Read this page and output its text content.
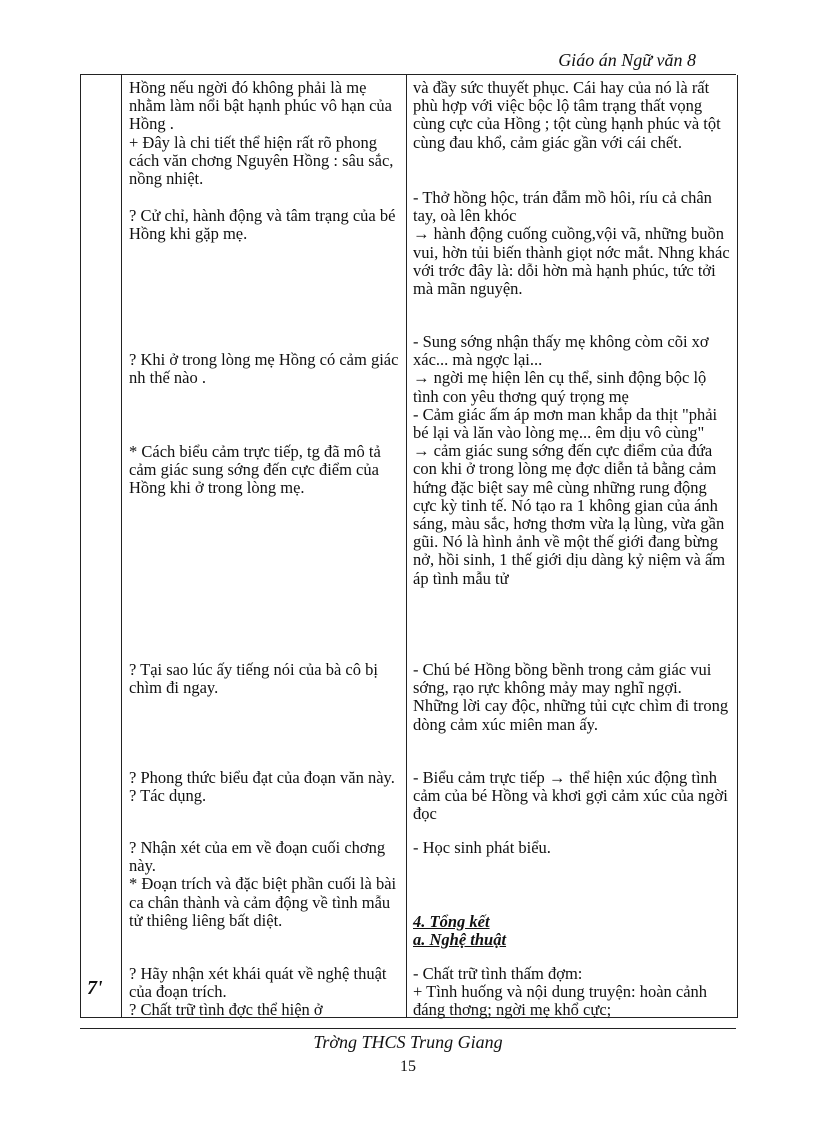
Giáo án Ngữ văn 8

Hồng nếu ngời đó không phải là mẹ nhằm làm nổi bật hạnh phúc vô hạn của Hồng .
+ Đây là chi tiết thể hiện rất rõ phong cách văn chơng Nguyên Hồng : sâu sắc, nồng nhiệt.

? Cử chỉ, hành động và tâm trạng của bé Hồng khi gặp mẹ.

? Khi ở trong lòng mẹ Hồng có cảm giác nh thế nào .

* Cách biểu cảm trực tiếp, tg đã mô tả cảm giác sung sớng đến cực điểm của Hồng khi ở trong lòng mẹ.

? Tại sao lúc ấy tiếng nói của bà cô bị chìm đi ngay.

? Phong thức biểu đạt của đoạn văn này.
? Tác dụng.

? Nhận xét của em về đoạn cuối chơng này.
* Đoạn trích và đặc biệt phần cuối là bài ca chân thành và cảm động về tình mẫu tử thiêng liêng bất diệt.

? Hãy nhận xét khái quát về nghệ thuật của đoạn trích.
? Chất trữ tình đợc thể hiện ở

và đầy sức thuyết phục. Cái hay của nó là rất phù hợp với việc bộc lộ tâm trạng thất vọng cùng cực của Hồng ; tột cùng hạnh phúc và tột cùng đau khổ, cảm giác gần với cái chết.

- Thở hồng hộc, trán đẫm mồ hôi, ríu cả chân tay, oà lên khóc
→ hành động cuống cuồng,vội vã, những buồn vui, hờn tủi biến thành giọt nớc mắt. Nhng khác với trớc đây là: dỗi hờn mà hạnh phúc, tức tởi mà mãn nguyện.

- Sung sớng nhận thấy mẹ không còm cõi xơ xác... mà ngợc lại...
→ ngời mẹ hiện lên cụ thể, sinh động bộc lộ tình con yêu thơng quý trọng mẹ
- Cảm giác ấm áp mơn man khắp da thịt "phải bé lại và lăn vào lòng mẹ... êm dịu vô cùng"
→ cảm giác sung sớng đến cực điểm của đứa con khi ở trong lòng mẹ đợc diễn tả bằng cảm hứng đặc biệt say mê cùng những rung động cực kỳ tinh tế. Nó tạo ra 1 không gian của ánh sáng, màu sắc, hơng thơm vừa lạ lùng, vừa gần gũi. Nó là hình ảnh về một thế giới đang bừng nở, hồi sinh, 1 thế giới dịu dàng kỷ niệm và ấm áp tình mẫu tử

- Chú bé Hồng bồng bềnh trong cảm giác vui sớng, rạo rực không mảy may nghĩ ngợi. Những lời cay độc, những tủi cực chìm đi trong dòng cảm xúc miên man ấy.

- Biểu cảm trực tiếp → thể hiện xúc động tình cảm của bé Hồng và khơi gợi cảm xúc của ngời đọc

- Học sinh phát biểu.

4. Tổng kết

a. Nghệ thuật

- Chất trữ tình thấm đợm:
+ Tình huống và nội dung truyện: hoàn cảnh đáng thơng; ngời mẹ khổ cực;

7'
Trờng THCS Trung Giang
15
